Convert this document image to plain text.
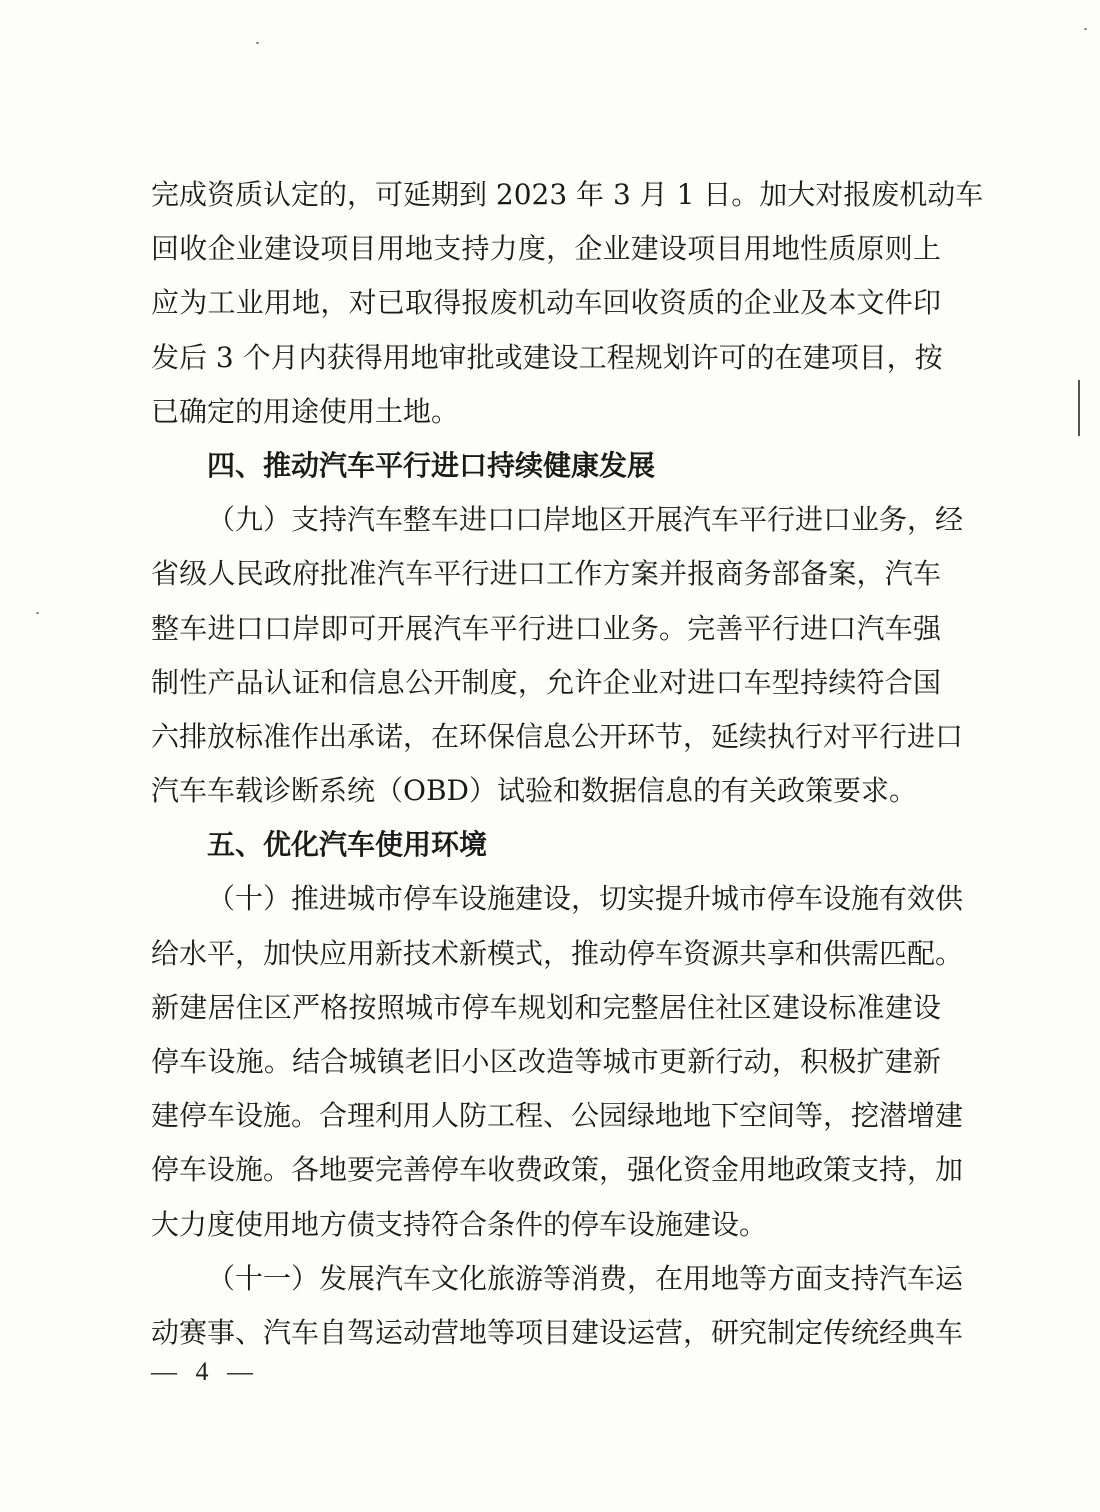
完成资质认定的，可延期到 2023 年 3 月 1 日。加大对报废机动车
回收企业建设项目用地支持力度，企业建设项目用地性质原则上
应为工业用地，对已取得报废机动车回收资质的企业及本文件印
发后 3 个月内获得用地审批或建设工程规划许可的在建项目，按
已确定的用途使用土地。
四、推动汽车平行进口持续健康发展
（九）支持汽车整车进口口岸地区开展汽车平行进口业务，经
省级人民政府批准汽车平行进口工作方案并报商务部备案，汽车
整车进口口岸即可开展汽车平行进口业务。完善平行进口汽车强
制性产品认证和信息公开制度，允许企业对进口车型持续符合国
六排放标准作出承诺，在环保信息公开环节，延续执行对平行进口
汽车车载诊断系统（OBD）试验和数据信息的有关政策要求。
五、优化汽车使用环境
（十）推进城市停车设施建设，切实提升城市停车设施有效供
给水平，加快应用新技术新模式，推动停车资源共享和供需匹配。
新建居住区严格按照城市停车规划和完整居住社区建设标准建设
停车设施。结合城镇老旧小区改造等城市更新行动，积极扩建新
建停车设施。合理利用人防工程、公园绿地地下空间等，挖潜增建
停车设施。各地要完善停车收费政策，强化资金用地政策支持，加
大力度使用地方债支持符合条件的停车设施建设。
（十一）发展汽车文化旅游等消费，在用地等方面支持汽车运
动赛事、汽车自驾运动营地等项目建设运营，研究制定传统经典车
— 4 —
